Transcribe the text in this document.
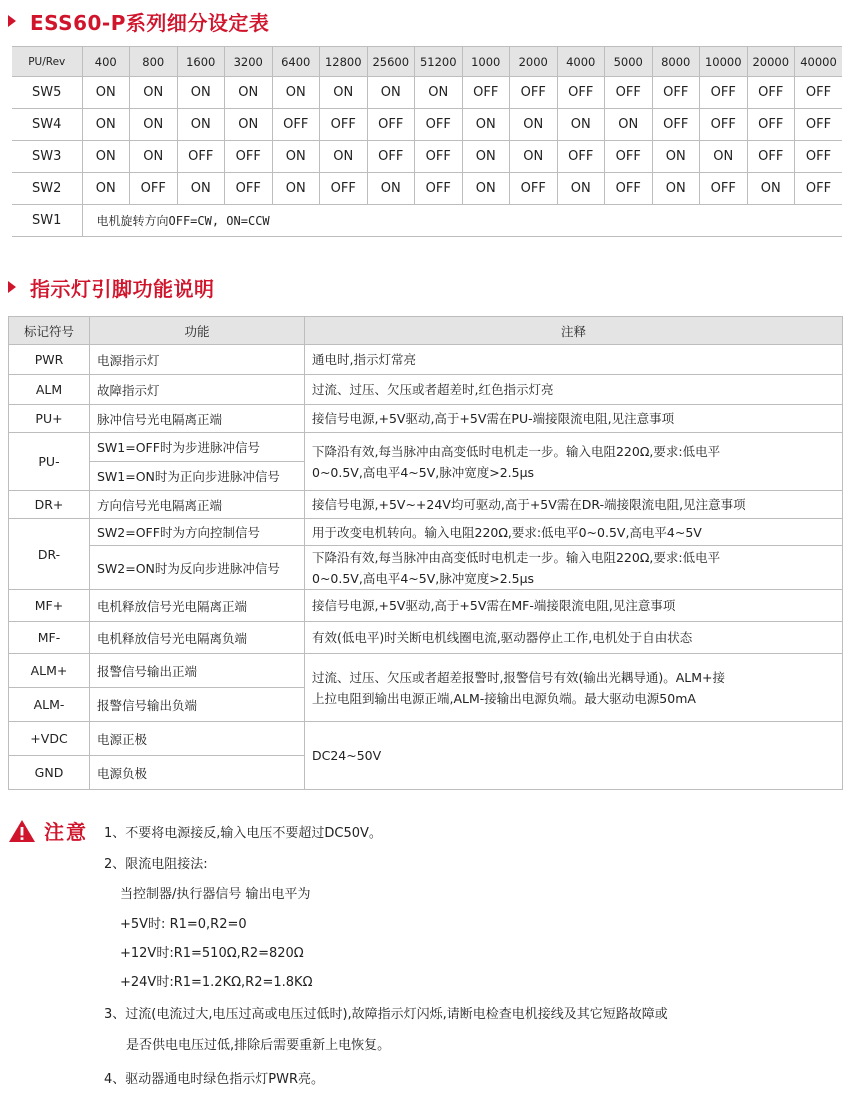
ESS60-P系列细分设定表
PU/Rev	400	800	1600	3200	6400	12800	25600	51200	1000	2000	4000	5000	8000	10000	20000	40000
SW5	ON	ON	ON	ON	ON	ON	ON	ON	OFF	OFF	OFF	OFF	OFF	OFF	OFF	OFF
SW4	ON	ON	ON	ON	OFF	OFF	OFF	OFF	ON	ON	ON	ON	OFF	OFF	OFF	OFF
SW3	ON	ON	OFF	OFF	ON	ON	OFF	OFF	ON	ON	OFF	OFF	ON	ON	OFF	OFF
SW2	ON	OFF	ON	OFF	ON	OFF	ON	OFF	ON	OFF	ON	OFF	ON	OFF	ON	OFF
SW1	电机旋转方向OFF=CW, ON=CCW															
指示灯引脚功能说明
标记符号	功能	注释
PWR	电源指示灯	通电时,指示灯常亮
ALM	故障指示灯	过流、过压、欠压或者超差时,红色指示灯亮
PU+	脉冲信号光电隔离正端	接信号电源,+5V驱动,高于+5V需在PU-端接限流电阻,见注意事项
PU-	SW1=OFF时为步进脉冲信号	下降沿有效,每当脉冲由高变低时电机走一步。输入电阻220Ω,要求:低电平
0~0.5V,高电平4~5V,脉冲宽度>2.5μs

	SW1=ON时为正向步进脉冲信号	
DR+	方向信号光电隔离正端	接信号电源,+5V~+24V均可驱动,高于+5V需在DR-端接限流电阻,见注意事项
DR-	SW2=OFF时为方向控制信号	用于改变电机转向。输入电阻220Ω,要求:低电平0~0.5V,高电平4~5V
	SW2=ON时为反向步进脉冲信号	下降沿有效,每当脉冲由高变低时电机走一步。输入电阻220Ω,要求:低电平
0~0.5V,高电平4~5V,脉冲宽度>2.5μs

MF+	电机释放信号光电隔离正端	接信号电源,+5V驱动,高于+5V需在MF-端接限流电阻,见注意事项
MF-	电机释放信号光电隔离负端	有效(低电平)时关断电机线圈电流,驱动器停止工作,电机处于自由状态
ALM+	报警信号输出正端	过流、过压、欠压或者超差报警时,报警信号有效(输出光耦导通)。ALM+接
上拉电阻到输出电源正端,ALM-接输出电源负端。最大驱动电源50mA

ALM-	报警信号输出负端	
+VDC	电源正极	DC24~50V
GND	电源负极	
注意 1、不要将电源接反,输入电压不要超过DC50V。
2、限流电阻接法:
当控制器/执行器信号 输出电平为
+5V时: R1=0,R2=0
+12V时:R1=510Ω,R2=820Ω
+24V时:R1=1.2KΩ,R2=1.8KΩ
3、过流(电流过大,电压过高或电压过低时),故障指示灯闪烁,请断电检查电机接线及其它短路故障或
是否供电电压过低,排除后需要重新上电恢复。
4、驱动器通电时绿色指示灯PWR亮。
